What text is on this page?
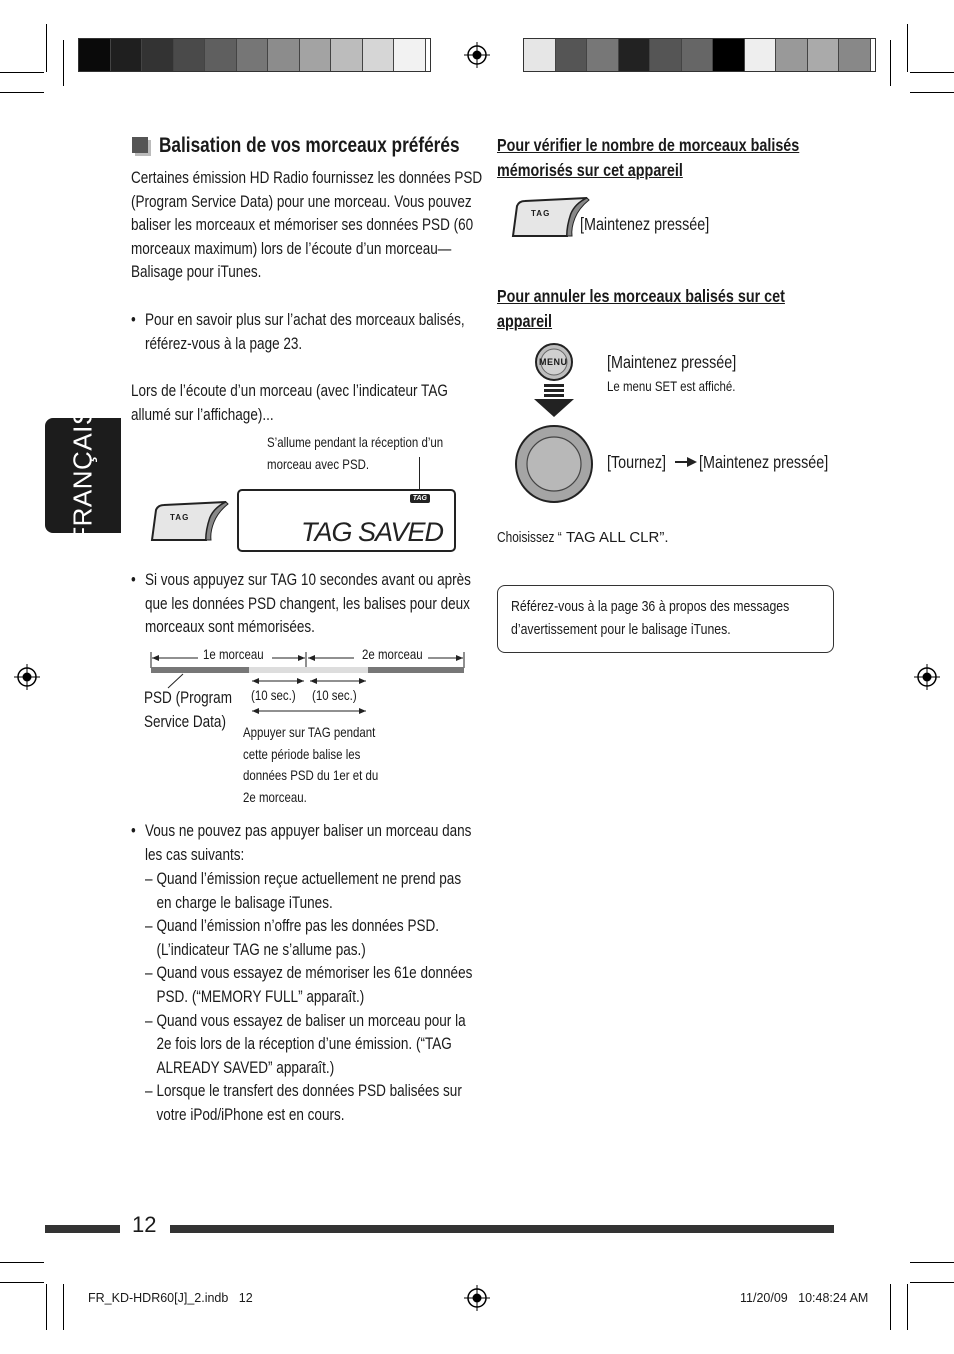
FRANÇAIS
Balisation de vos morceaux préférés
Certaines émission HD Radio fournissez les données PSD
(Program Service Data) pour une morceau. Vous pouvez
baliser les morceaux et mémoriser ses données PSD (60
morceaux maximum) lors de l’écoute d’un morceau—
Balisage pour iTunes.
• Pour en savoir plus sur l’achat des morceaux balisés,
référez-vous à la page 23.
Lors de l’écoute d’un morceau (avec l’indicateur TAG
allumé sur l’affichage)...
S’allume pendant la réception d’un
morceau avec PSD.
TAG
TAG
TAG SAVED
• Si vous appuyez sur TAG 10 secondes avant ou après
que les données PSD changent, les balises pour deux
morceaux sont mémorisées.
1e morceau	2e morceau
PSD (Program
Service Data)
(10 sec.) (10 sec.)
Appuyer sur TAG pendant
cette période balise les
données PSD du 1er et du
2e morceau.
• Vous ne pouvez pas appuyer baliser un morceau dans
les cas suivants:
– Quand l’émission reçue actuellement ne prend pas
en charge le balisage iTunes.
– Quand l’émission n’offre pas les données PSD.
(L’indicateur TAG ne s’allume pas.)
– Quand vous essayez de mémoriser les 61e données
PSD. (“MEMORY FULL” apparaît.)
– Quand vous essayez de baliser un morceau pour la
2e fois lors de la réception d’une émission. (“TAG
ALREADY SAVED” apparaît.)
– Lorsque le transfert des données PSD balisées sur
votre iPod/iPhone est en cours.
Pour vérifier le nombre de morceaux balisés
mémorisés sur cet appareil
TAG
[Maintenez pressée]
Pour annuler les morceaux balisés sur cet
appareil
MENU [Maintenez pressée]
Le menu SET est affiché.
[Tournez] [Maintenez pressée]
Choisissez “ TAG ALL CLR”.
Référez-vous à la page 36 à propos des messages
d’avertissement pour le balisage iTunes.
12
FR_KD-HDR60[J]_2.indb   12	11/20/09   10:48:24 AM
